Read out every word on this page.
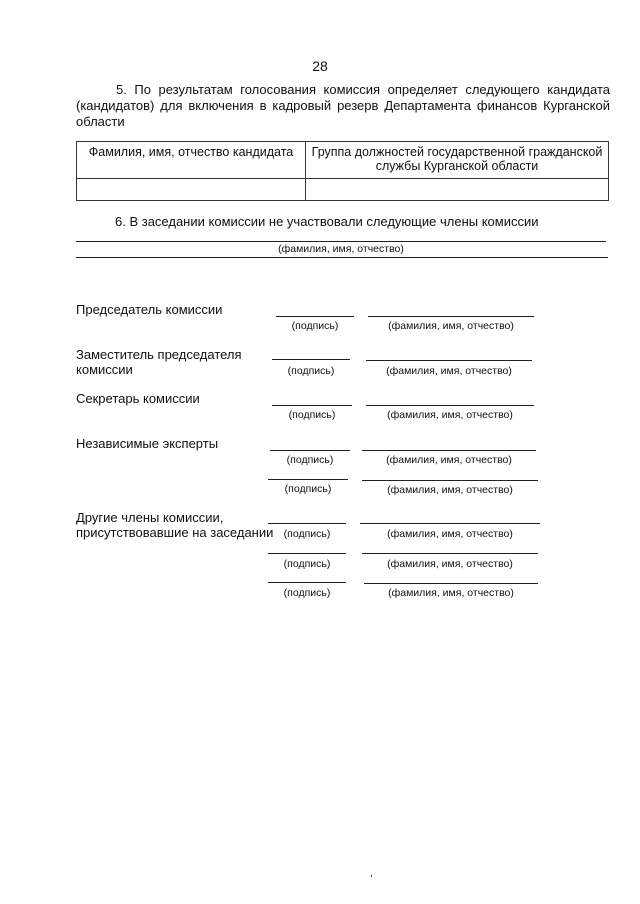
28
5. По результатам голосования комиссия определяет следующего кандидата (кандидатов) для включения в кадровый резерв Департамента финансов Курганской области
Фамилия, имя, отчество кандидата	Группа должностей государственной гражданской службы Курганской области

6. В заседании комиссии не участвовали следующие члены комиссии
(фамилия, имя, отчество)
Председатель комиссии
(подпись)	(фамилия, имя, отчество)
Заместитель председателя
комиссии	(подпись)	(фамилия, имя, отчество)
Секретарь комиссии
(подпись)	(фамилия, имя, отчество)
Независимые эксперты
(подпись)	(фамилия, имя, отчество)
(подпись)	(фамилия, имя, отчество)
Другие члены комиссии,
присутствовавшие на заседании (подпись)	(фамилия, имя, отчество)
(подпись)	(фамилия, имя, отчество)
(подпись)	(фамилия, имя, отчество)
,
